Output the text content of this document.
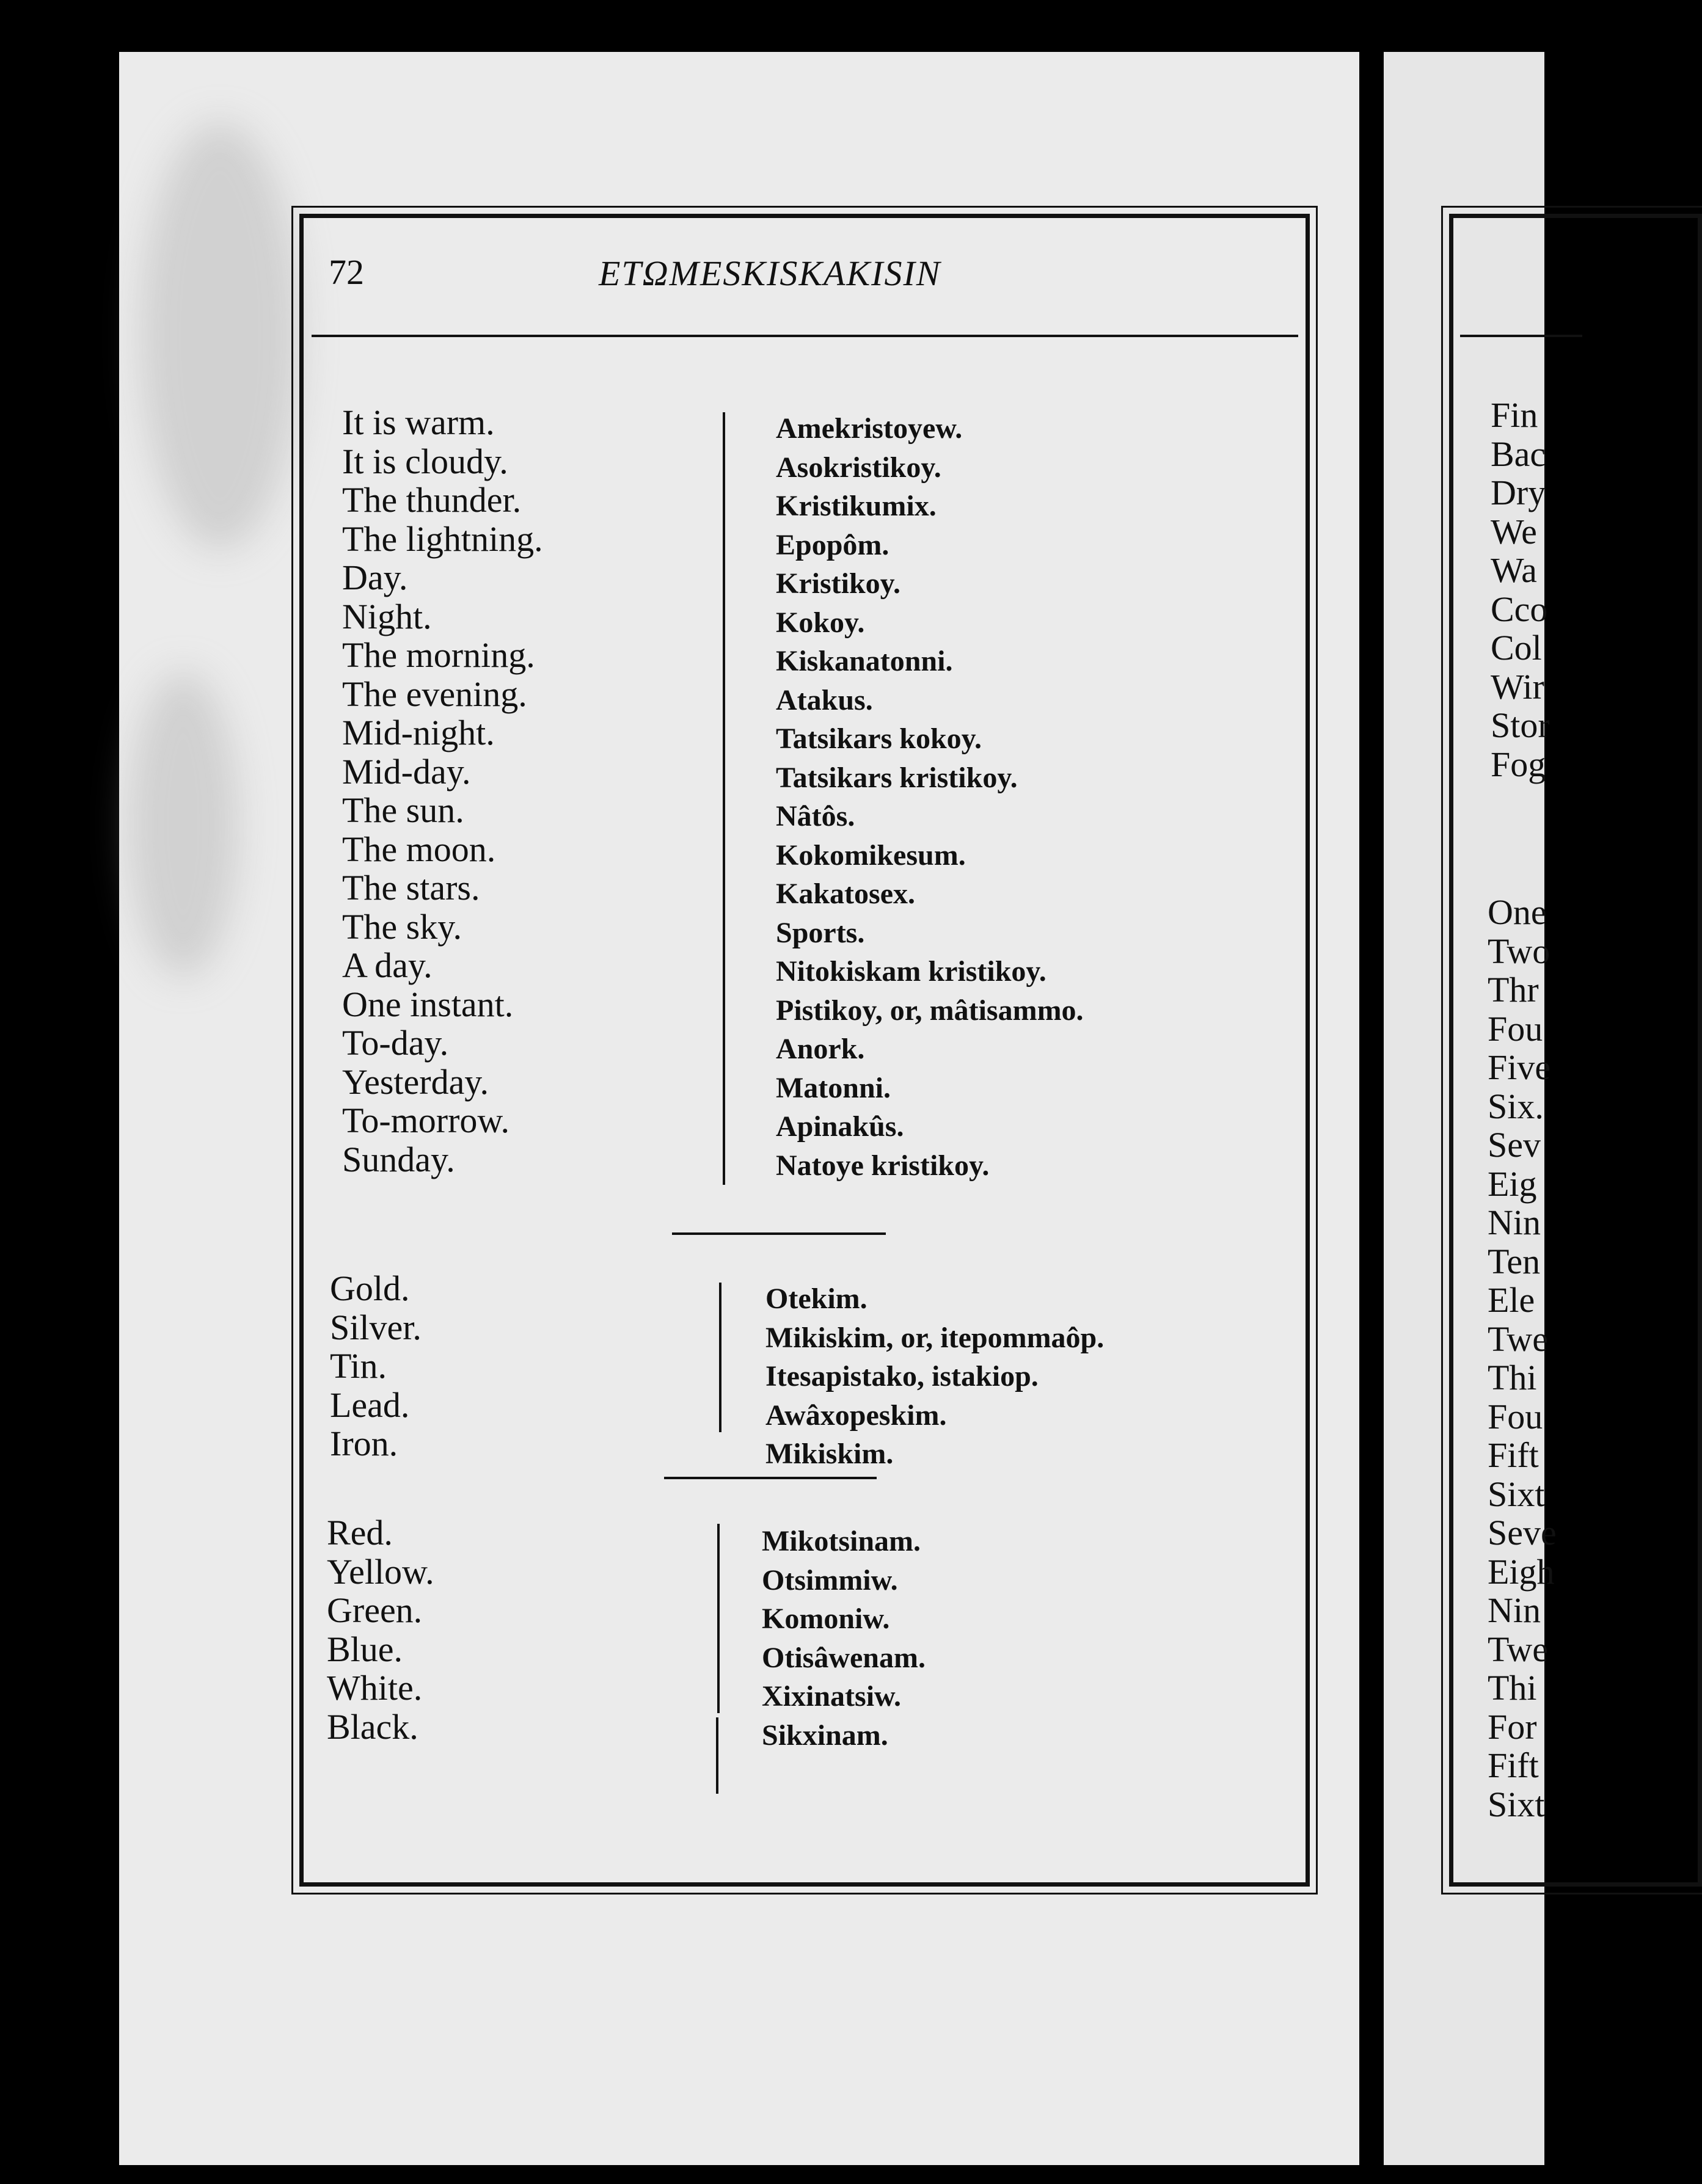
72	ETΩMESKISKAKISIN
It is warm.
It is cloudy.
The thunder.
The lightning.
Day.
Night.
The morning.
The evening.
Mid-night.
Mid-day.
The sun.
The moon.
The stars.
The sky.
A day.
One instant.
To-day.
Yesterday.
To-morrow.
Sunday.
Amekristoyew.
Asokristikoy.
Kristikumix.
Epopôm.
Kristikoy.
Kokoy.
Kiskanatonni.
Atakus.
Tatsikars kokoy.
Tatsikars kristikoy.
Nâtôs.
Kokomikesum.
Kakatosex.
Sports.
Nitokiskam kristikoy.
Pistikoy, or, mâtisammo.
Anork.
Matonni.
Apinakûs.
Natoye kristikoy.
Gold.
Silver.
Tin.
Lead.
Iron.
Otekim.
Mikiskim, or, itepommaôp.
Itesapistako, istakiop.
Awâxopeskim.
Mikiskim.
Red.
Yellow.
Green.
Blue.
White.
Black.
Mikotsinam.
Otsimmiw.
Komoniw.
Otisâwenam.
Xixinatsiw.
Sikxinam.
Fin
Bac
Dry
We
Wa
Cco
Col
Wir
Stor
Fog
One
Two
Thr
Fou
Five
Six.
Sev
Eig
Nin
Ten
Ele
Twe
Thi
Fou
Fift
Sixt
Seve
Eigh
Nin
Twe
Thi
For
Fift
Sixt
